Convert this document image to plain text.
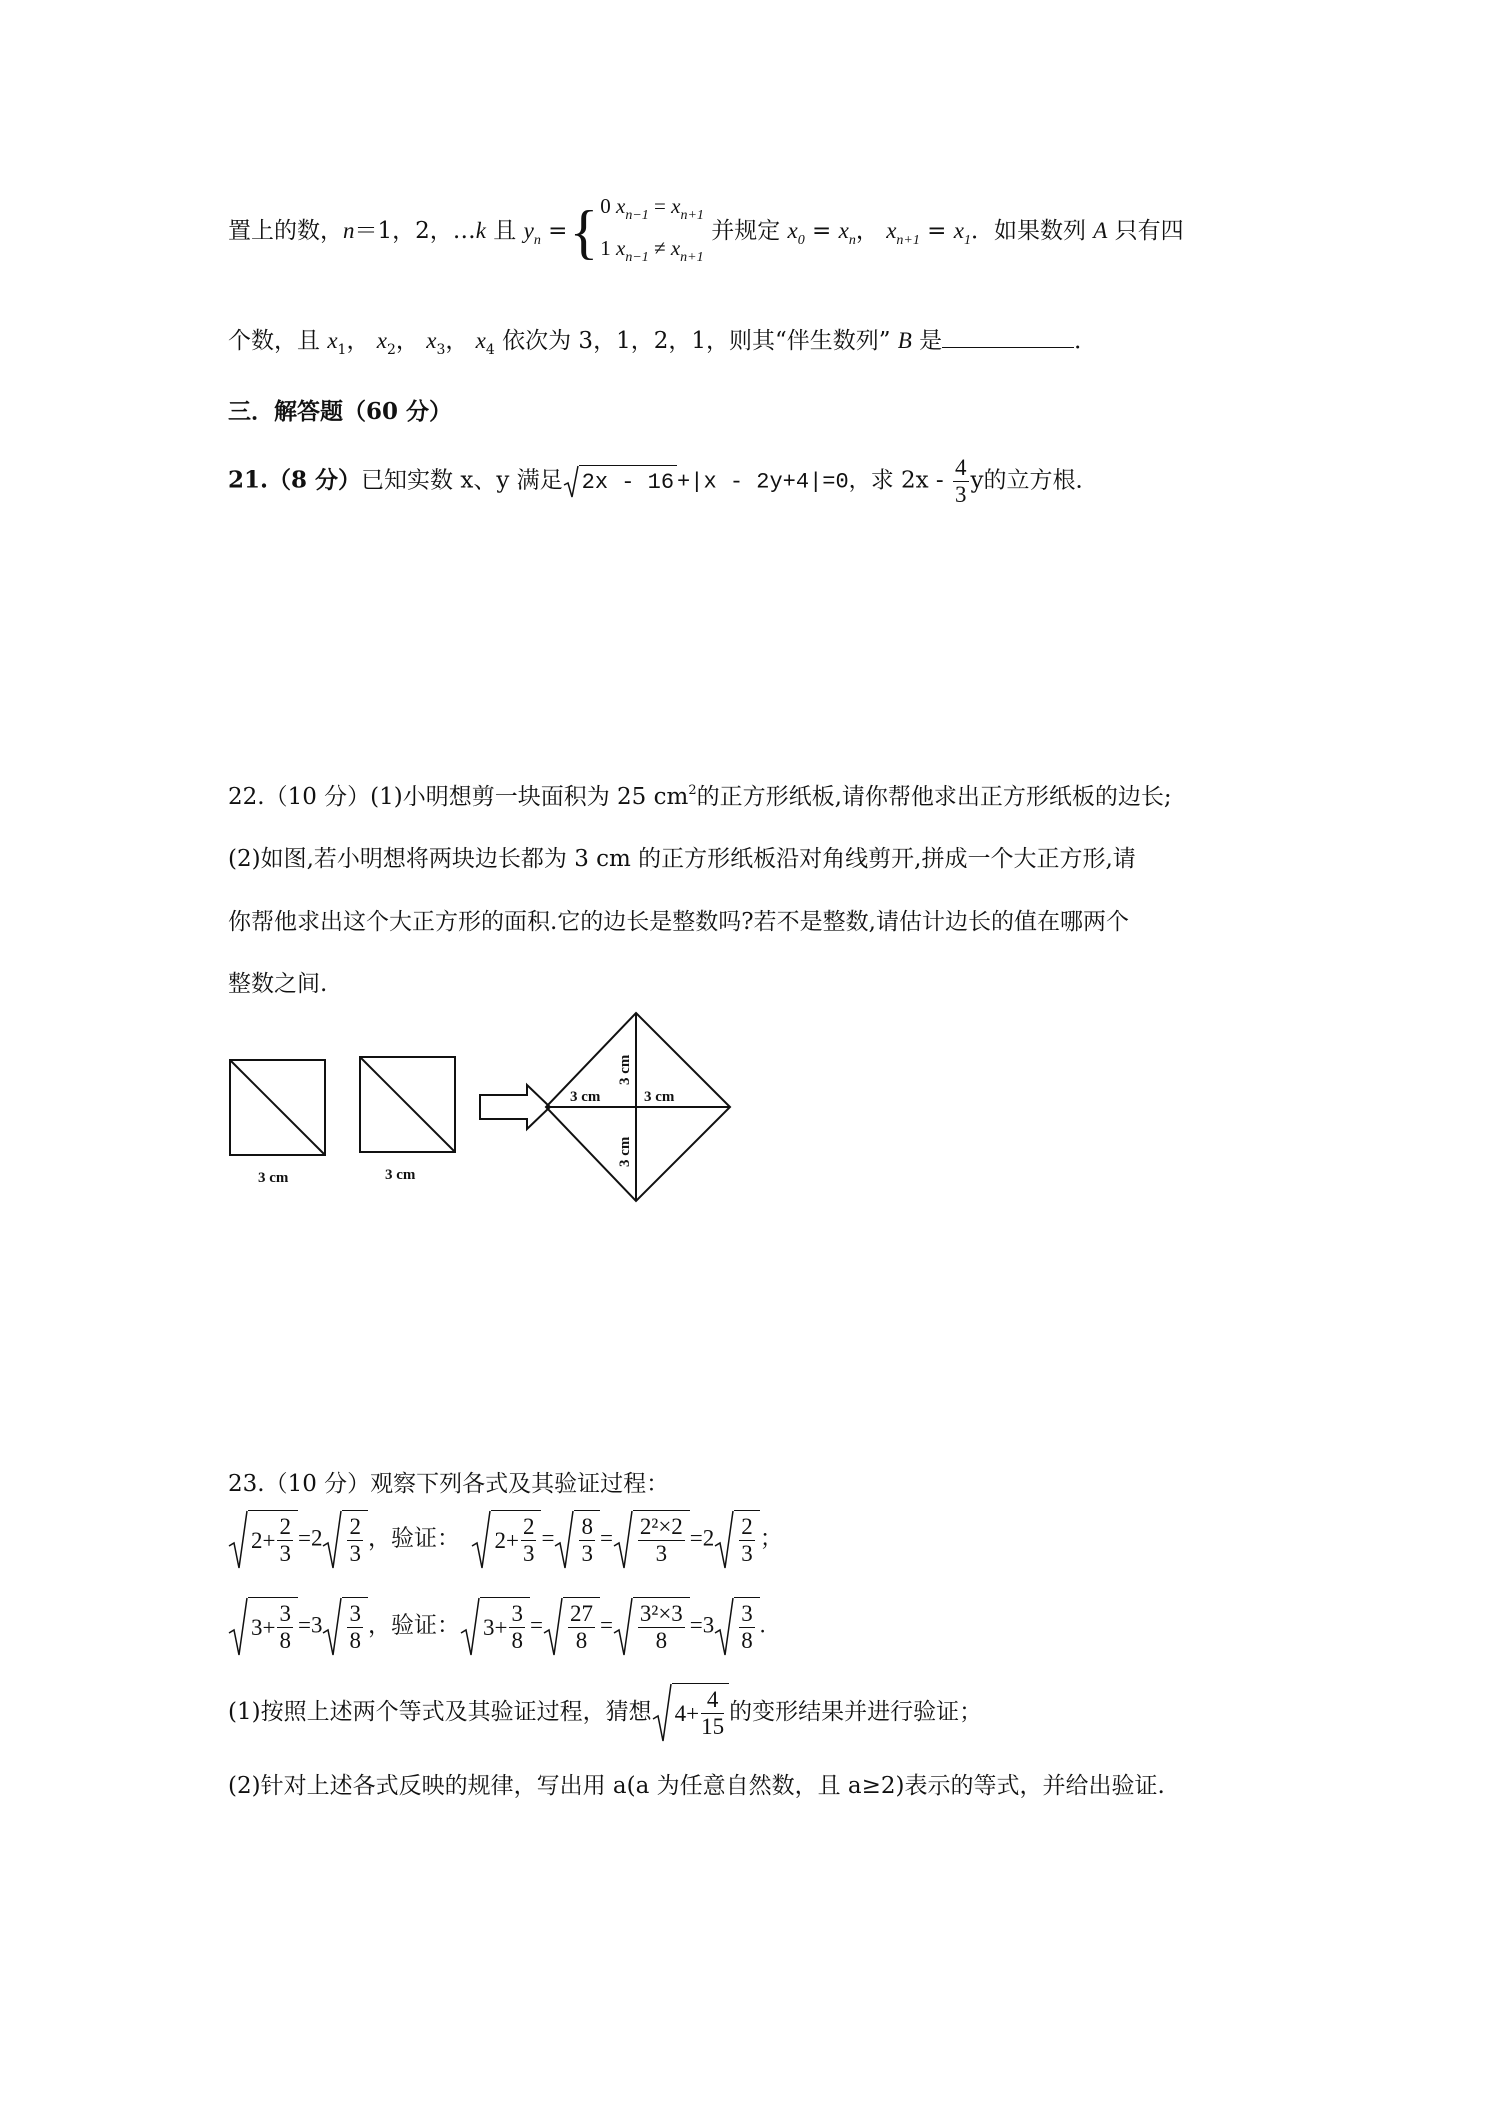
置上的数，n＝1，2，…k 且 $y_n$ ={ 0 $x_{n-1} = x_{n+1}$
1 $x_{n-1} \ne x_{n+1}$
并规定 $x_0 = x_n$， $x_{n+1} = x_1$．如果数列 A 只有四
个数，且 $x_1$， $x_2$， $x_3$， $x_4$ 依次为 3，1，2，1，则其“伴生数列” B 是	．
三．解答题（60 分）
21.（8 分）已知实数 x、y 满足 2x - 16 +|x - 2y+4|=0，求 $2x - \frac{4}{3}$ y的立方根．
22.（10 分）(1)小明想剪一块面积为 25 $cm^2$的正方形纸板,请你帮他求出正方形纸板的边长;
(2)如图,若小明想将两块边长都为 3 cm 的正方形纸板沿对角线剪开,拼成一个大正方形,请
你帮他求出这个大正方形的面积.它的边长是整数吗?若不是整数,请估计边长的值在哪两个
整数之间.
3 cm	3 cm
3 cm	3 cm
3 cm
3 cm
23.（10 分）观察下列各式及其验证过程：
$2+ \frac{2}{3} =2 \frac{2}{3}$ ，验证： $2+ \frac{2}{3} = \frac{8}{3} = \frac{\text{2²×2}}{3} =2 \frac{2}{3}$ ；
$3+ \frac{3}{8} =3 \frac{3}{8}$ ，验证： $3+ \frac{3}{8} = \frac{27}{8} = \frac{\text{3²×3}}{8} =3 \frac{3}{8}$ .
(1)按照上述两个等式及其验证过程，猜想 $4+ \frac{4}{15}$ 的变形结果并进行验证；
(2)针对上述各式反映的规律，写出用 a(a 为任意自然数，且 a≥2)表示的等式，并给出验证.
